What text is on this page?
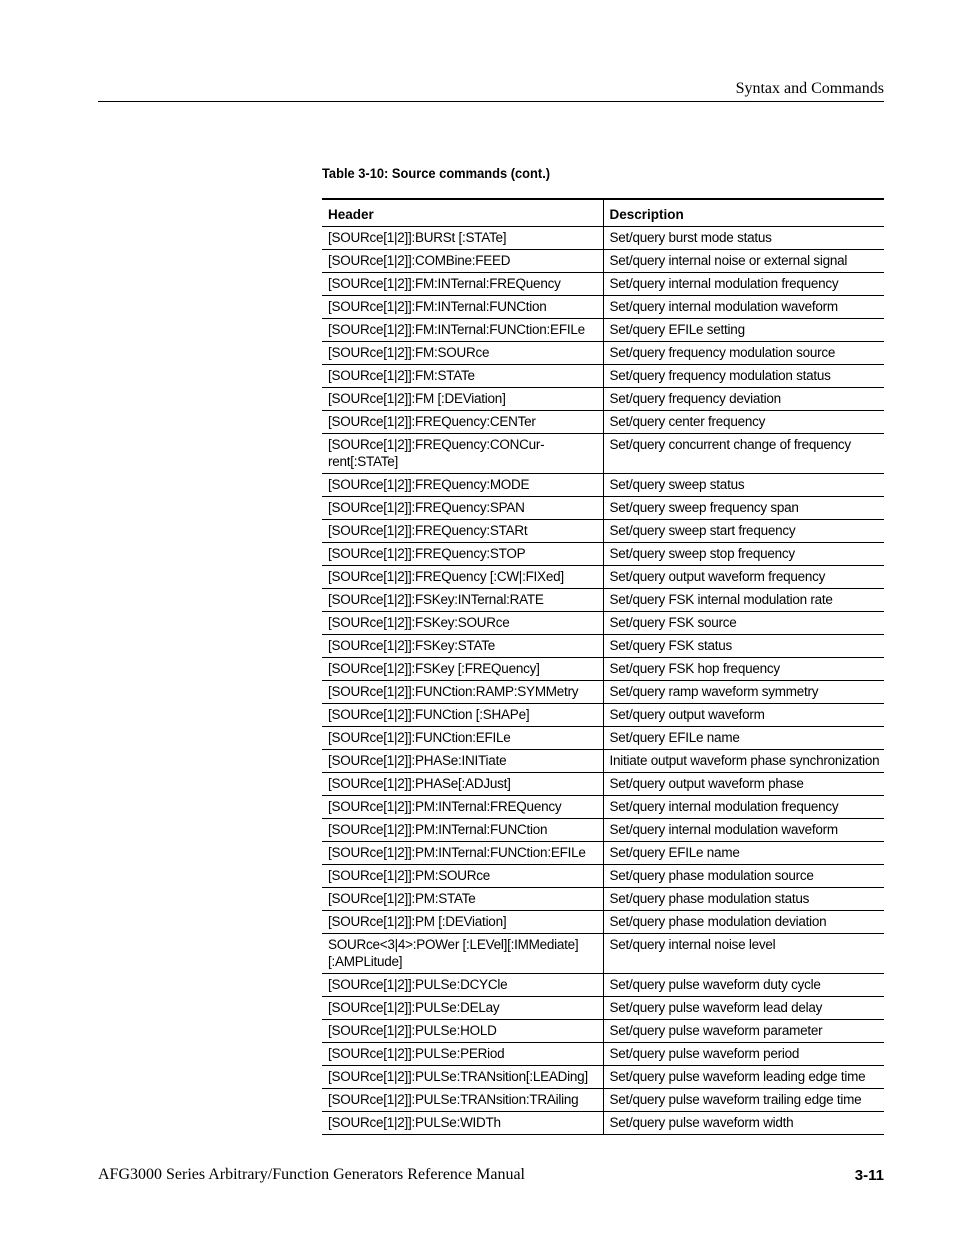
Syntax and Commands
Table 3-10: Source commands (cont.)
Header	Description
[SOURce[1|2]]:BURSt [:STATe]	Set/query burst mode status
[SOURce[1|2]]:COMBine:FEED	Set/query internal noise or external signal
[SOURce[1|2]]:FM:INTernal:FREQuency	Set/query internal modulation frequency
[SOURce[1|2]]:FM:INTernal:FUNCtion	Set/query internal modulation waveform
[SOURce[1|2]]:FM:INTernal:FUNCtion:EFILe	Set/query EFILe setting
[SOURce[1|2]]:FM:SOURce	Set/query frequency modulation source
[SOURce[1|2]]:FM:STATe	Set/query frequency modulation status
[SOURce[1|2]]:FM [:DEViation]	Set/query frequency deviation
[SOURce[1|2]]:FREQuency:CENTer	Set/query center frequency
[SOURce[1|2]]:FREQuency:CONCur-
rent[:STATe]	Set/query concurrent change of frequency
[SOURce[1|2]]:FREQuency:MODE	Set/query sweep status
[SOURce[1|2]]:FREQuency:SPAN	Set/query sweep frequency span
[SOURce[1|2]]:FREQuency:STARt	Set/query sweep start frequency
[SOURce[1|2]]:FREQuency:STOP	Set/query sweep stop frequency
[SOURce[1|2]]:FREQuency [:CW|:FIXed]	Set/query output waveform frequency
[SOURce[1|2]]:FSKey:INTernal:RATE	Set/query FSK internal modulation rate
[SOURce[1|2]]:FSKey:SOURce	Set/query FSK source
[SOURce[1|2]]:FSKey:STATe	Set/query FSK status
[SOURce[1|2]]:FSKey [:FREQuency]	Set/query FSK hop frequency
[SOURce[1|2]]:FUNCtion:RAMP:SYMMetry	Set/query ramp waveform symmetry
[SOURce[1|2]]:FUNCtion [:SHAPe]	Set/query output waveform
[SOURce[1|2]]:FUNCtion:EFILe	Set/query EFILe name
[SOURce[1|2]]:PHASe:INITiate	Initiate output waveform phase synchronization
[SOURce[1|2]]:PHASe[:ADJust]	Set/query output waveform phase
[SOURce[1|2]]:PM:INTernal:FREQuency	Set/query internal modulation frequency
[SOURce[1|2]]:PM:INTernal:FUNCtion	Set/query internal modulation waveform
[SOURce[1|2]]:PM:INTernal:FUNCtion:EFILe	Set/query EFILe name
[SOURce[1|2]]:PM:SOURce	Set/query phase modulation source
[SOURce[1|2]]:PM:STATe	Set/query phase modulation status
[SOURce[1|2]]:PM [:DEViation]	Set/query phase modulation deviation
SOURce<3|4>:POWer [:LEVel][:IMMediate]
[:AMPLitude]	Set/query internal noise level
[SOURce[1|2]]:PULSe:DCYCle	Set/query pulse waveform duty cycle
[SOURce[1|2]]:PULSe:DELay	Set/query pulse waveform lead delay
[SOURce[1|2]]:PULSe:HOLD	Set/query pulse waveform parameter
[SOURce[1|2]]:PULSe:PERiod	Set/query pulse waveform period
[SOURce[1|2]]:PULSe:TRANsition[:LEADing]	Set/query pulse waveform leading edge time
[SOURce[1|2]]:PULSe:TRANsition:TRAiling	Set/query pulse waveform trailing edge time
[SOURce[1|2]]:PULSe:WIDTh	Set/query pulse waveform width
AFG3000 Series Arbitrary/Function Generators Reference Manual	3-11
